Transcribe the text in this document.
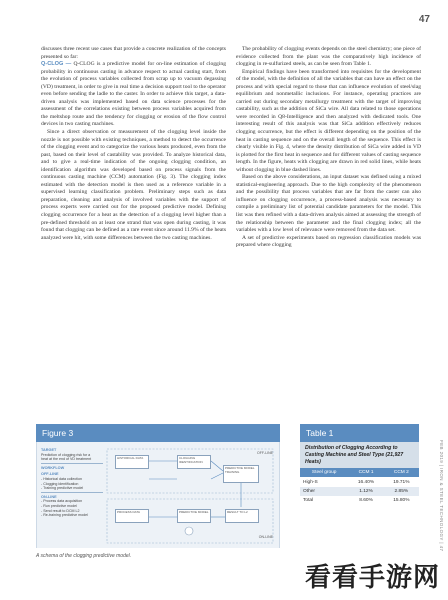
47

discusses three recent use cases that provide a concrete realization of the concepts presented so far:

Q-CLOG — Q-CLOG is a predictive model for on-line estimation of clogging probability in continuous casting in advance respect to actual casting start, from the evolution of process variables collected from scrap up to vacuum degassing (VD) treatment, in order to give in real time a decision support tool to the operator even before sending the ladle to the caster. In order to achieve this target, a data-driven analysis was implemented based on data science processes for the assessment of the correlations existing between process variables acquired from the meltshop route and the tendency for clogging or erosion of the flow control devices in two casting machines.

Since a direct observation or measurement of the clogging level inside the nozzle is not possible with existing techniques, a method to detect the occurrence of the clogging event and to categorize the various heats produced, even from the past, based on their level of castability was provided. To analyze historical data, and to give a real-time indication of the ongoing clogging condition, an identification algorithm was developed based on process signals from the continuous casting machine (CCM) automation (Fig. 3). The clogging index estimated with the detection model is then used as a reference variable in a supervised learning classification problem. Preliminary steps such as data preparation, cleaning and analysis of involved variables with the support of process experts were carried out for the proposed predictive model. Defining clogging occurrence for a heat as the detection of a clogging level higher than a pre-defined threshold on at least one strand that was open during casting, it was found that clogging can be defined as a rare event since around 11.9% of the heats analyzed were hit, with some differences between the two casting machines.

The probability of clogging events depends on the steel chemistry; one piece of evidence collected from the plant was the comparatively high incidence of clogging in re-sulfurized steels, as can be seen from Table 1.

Empirical findings have been transformed into requisites for the development of the model, with the definition of all the variables that can have an effect on the process and with special regard to those that can influence evolution of steel/slag equilibrium and nonmetallic inclusions. For instance, operating practices are carried out during secondary metallurgy treatment with the target of improving castability, such as the addition of SiCa wire. All data related to those operations were recorded in Q8-Intelligence and then analyzed with dedicated tools. One interesting result of this analysis was that SiCa addition effectively reduces clogging occurrence, but the effect is different depending on the position of the heat in casting sequence and on the overall length of the sequence. This effect is clearly visible in Fig. 4, where the density distribution of SiCa wire added in VD is plotted for the first heat in sequence and for different values of casting sequence length. In the figure, heats with clogging are drawn in red solid lines, while heats without clogging in blue dashed lines.

Based on the above considerations, an input dataset was defined using a mixed statistical-engineering approach. Due to the high complexity of the phenomenon and the possibility that process variables that are far from the caster can also influence on clogging occurrence, a process-based analysis was necessary to compile a preliminary list of potential candidate parameters for the model. This list was then refined with a data-driven analysis aimed at assessing the strength of the relationship between the parameter and the final clogging index; all the variables with a low level of relevance were removed from the data set.

A set of predictive experiments based on regression classification models was prepared where clogging

FEB 2019 | IRON & STEEL TECHNOLOGY | 47
Figure 3
TARGET
Prediction of clogging risk for a
heat at the end of VD treatment
WORKFLOW
OFF-LINE
- Historical data collection
- Clogging identification
- Training predictive model
ON-LINE
- Process data acquisition
- Run predictive model
- Send result to DCM L2
- Re-training predictive model
OFF-LINE
ON-LINE
HISTORICAL DATA	CLOGGING IDENTIFICATION
PREDICTIVE MODEL TRAINING
PROCESS DATA	PREDICTIVE MODEL	RESULT TO L2
A schema of the clogging predictive model.
Table 1
Distribution of Clogging According to Casting Machine and Steel Type (21,927 Heats)
Steel group	CCM 1	CCM 2
High-S	16.40%	19.71%
Other	1.12%	2.85%
Total	8.60%	15.80%
看看手游网
